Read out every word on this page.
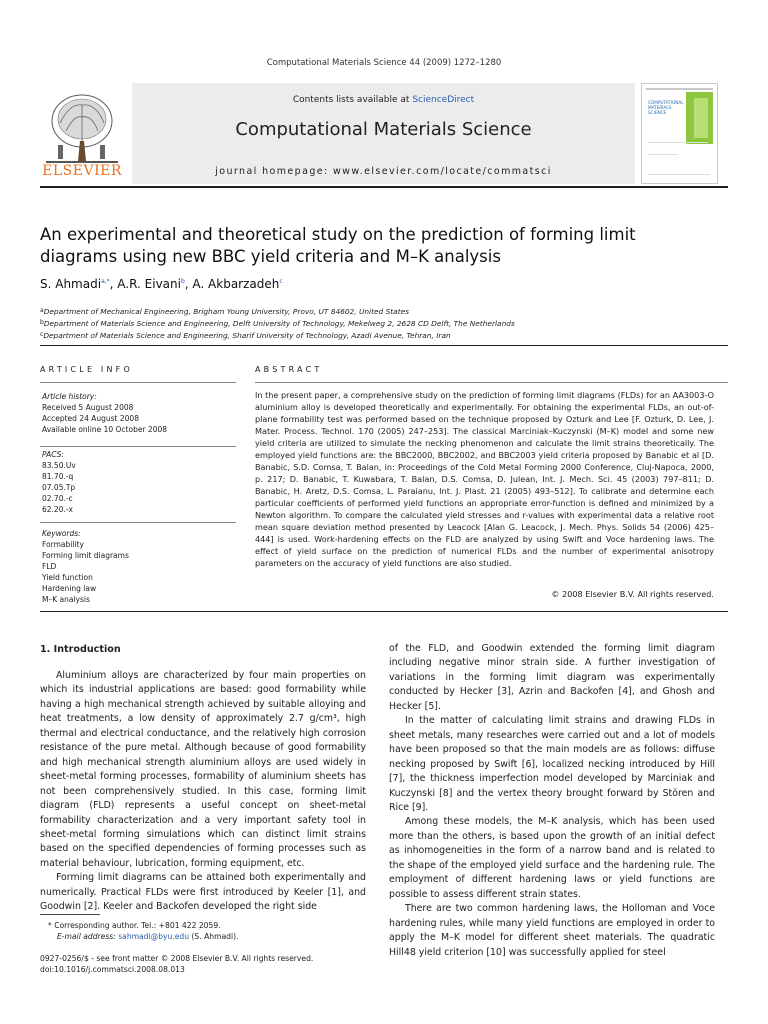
Computational Materials Science 44 (2009) 1272–1280
ELSEVIER
Contents lists available at ScienceDirect
Computational Materials Science
journal homepage: www.elsevier.com/locate/commatsci
COMPUTATIONAL
MATERIALS
SCIENCE
An experimental and theoretical study on the prediction of forming limit diagrams using new BBC yield criteria and M–K analysis
S. Ahmadi$^{a,*}$, A.R. Eivani$^b$, A. Akbarzadeh$^c$
$^a$Department of Mechanical Engineering, Brigham Young University, Provo, UT 84602, United States
$^b$Department of Materials Science and Engineering, Delft University of Technology, Mekelweg 2, 2628 CD Delft, The Netherlands
$^c$Department of Materials Science and Engineering, Sharif University of Technology, Azadi Avenue, Tehran, Iran
ARTICLE INFO
Article history:
Received 5 August 2008
Accepted 24 August 2008
Available online 10 October 2008
PACS:
83.50.Uv
81.70.-q
07.05.Tp
02.70.-c
62.20.-x
Keywords:
Formability
Forming limit diagrams
FLD
Yield function
Hardening law
M–K analysis
ABSTRACT
In the present paper, a comprehensive study on the prediction of forming limit diagrams (FLDs) for an AA3003-O aluminium alloy is developed theoretically and experimentally. For obtaining the experimental FLDs, an out-of-plane formability test was performed based on the technique proposed by Ozturk and Lee [F. Ozturk, D. Lee, J. Mater. Process. Technol. 170 (2005) 247–253]. The classical Marciniak–Kuczynski (M–K) model and some new yield criteria are utilized to simulate the necking phenomenon and calculate the limit strains theoretically. The employed yield functions are: the BBC2000, BBC2002, and BBC2003 yield criteria proposed by Banabic et al [D. Banabic, S.D. Comsa, T. Balan, in: Proceedings of the Cold Metal Forming 2000 Conference, Cluj-Napoca, 2000, p. 217; D. Banabic, T. Kuwabara, T. Balan, D.S. Comsa, D. Julean, Int. J. Mech. Sci. 45 (2003) 797–811; D. Banabic, H. Aretz, D.S. Comsa, L. Paraianu, Int. J. Plast. 21 (2005) 493–512]. To calibrate and determine each particular coefficients of performed yield functions an appropriate error-function is defined and minimized by a Newton algorithm. To compare the calculated yield stresses and r-values with experimental data a relative root mean square deviation method presented by Leacock [Alan G. Leacock, J. Mech. Phys. Solids 54 (2006) 425–444] is used. Work-hardening effects on the FLD are analyzed by using Swift and Voce hardening laws. The effect of yield surface on the prediction of numerical FLDs and the number of experimental anisotropy parameters on the accuracy of yield functions are also studied.
© 2008 Elsevier B.V. All rights reserved.
1. Introduction

Aluminium alloys are characterized by four main properties on which its industrial applications are based: good formability while having a high mechanical strength achieved by suitable alloying and heat treatments, a low density of approximately 2.7 g/cm³, high thermal and electrical conductance, and the relatively high corrosion resistance of the pure metal. Although because of good formability and high mechanical strength aluminium alloys are used widely in sheet-metal forming processes, formability of aluminium sheets has not been comprehensively studied. In this case, forming limit diagram (FLD) represents a useful concept on sheet-metal formability characterization and a very important safety tool in sheet-metal forming simulations which can distinct limit strains based on the specified dependencies of forming processes such as material behaviour, lubrication, forming equipment, etc.

Forming limit diagrams can be attained both experimentally and numerically. Practical FLDs were first introduced by Keeler [1], and Goodwin [2]. Keeler and Backofen developed the right side

of the FLD, and Goodwin extended the forming limit diagram including negative minor strain side. A further investigation of variations in the forming limit diagram was experimentally conducted by Hecker [3], Azrin and Backofen [4], and Ghosh and Hecker [5].

In the matter of calculating limit strains and drawing FLDs in sheet metals, many researches were carried out and a lot of models have been proposed so that the main models are as follows: diffuse necking proposed by Swift [6], localized necking introduced by Hill [7], the thickness imperfection model developed by Marciniak and Kuczynski [8] and the vertex theory brought forward by Stören and Rice [9].

Among these models, the M–K analysis, which has been used more than the others, is based upon the growth of an initial defect as inhomogeneities in the form of a narrow band and is related to the shape of the employed yield surface and the hardening rule. The employment of different hardening laws or yield functions are possible to assess different strain states.

There are two common hardening laws, the Holloman and Voce hardening rules, while many yield functions are employed in order to apply the M–K model for different sheet materials. The quadratic Hill48 yield criterion [10] was successfully applied for steel

* Corresponding author. Tel.: +801 422 2059.
E-mail address: sahmadi@byu.edu (S. Ahmadi).
0927-0256/$ - see front matter © 2008 Elsevier B.V. All rights reserved.
doi:10.1016/j.commatsci.2008.08.013
